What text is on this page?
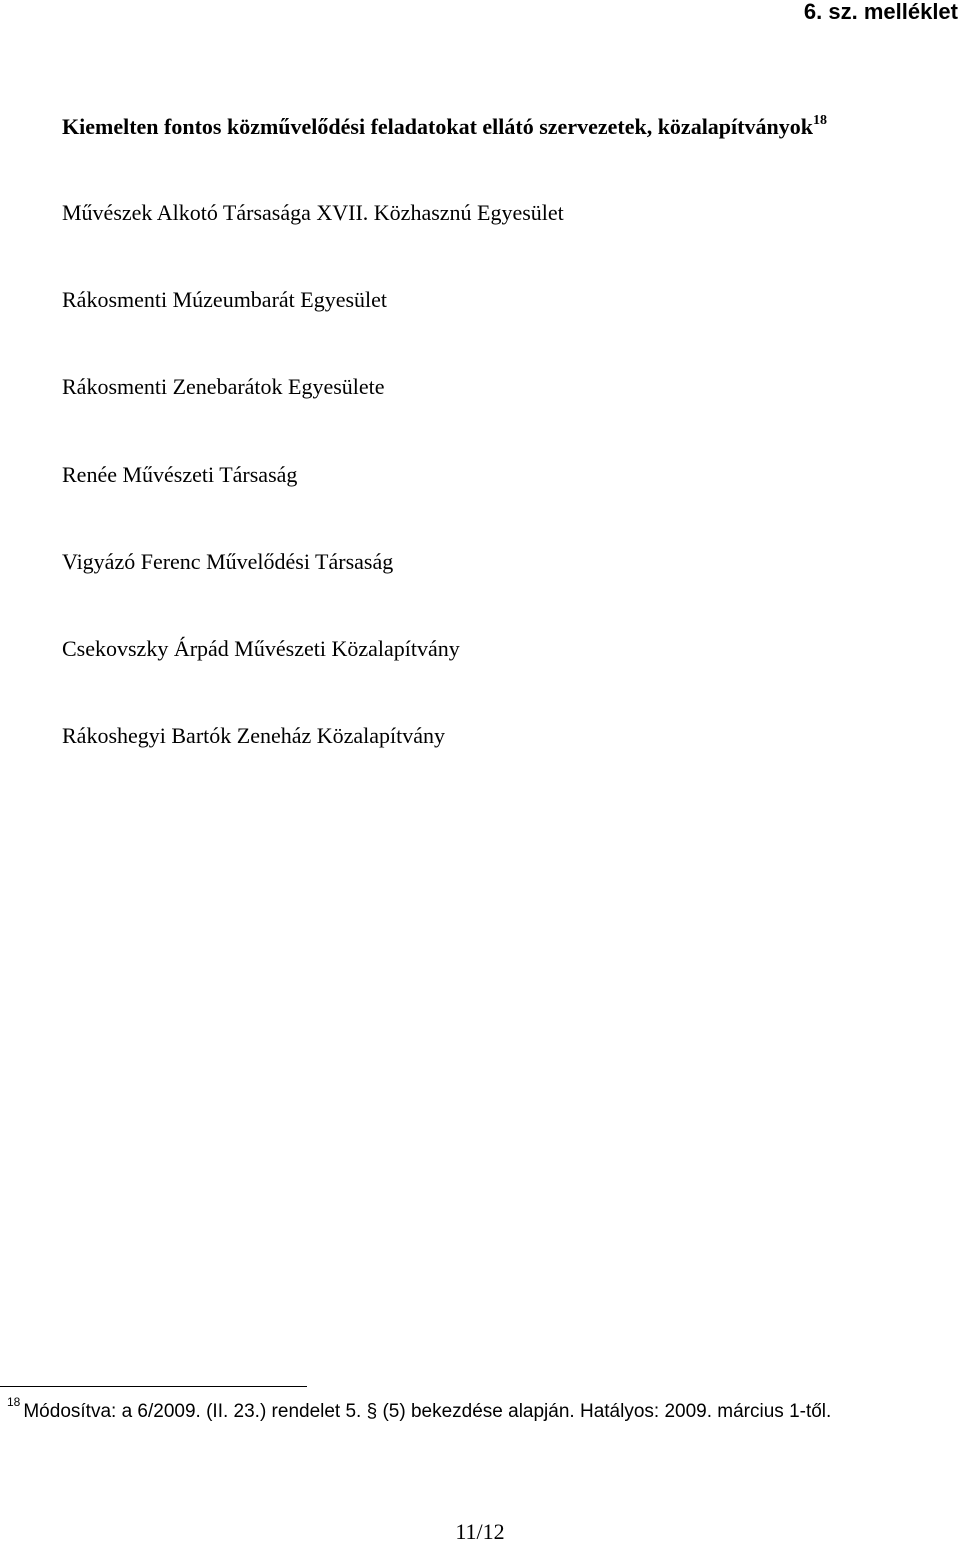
6. sz. melléklet
Kiemelten fontos közművelődési feladatokat ellátó szervezetek, közalapítványok$^{18}$
Művészek Alkotó Társasága XVII. Közhasznú Egyesület
Rákosmenti Múzeumbarát Egyesület
Rákosmenti Zenebarátok Egyesülete
Renée Művészeti Társaság
Vigyázó Ferenc Művelődési Társaság
Csekovszky Árpád Művészeti Közalapítvány
Rákoshegyi Bartók Zeneház Közalapítvány
$^{18}$ Módosítva: a 6/2009. (II. 23.) rendelet 5. § (5) bekezdése alapján. Hatályos: 2009. március 1-től.
11/12
